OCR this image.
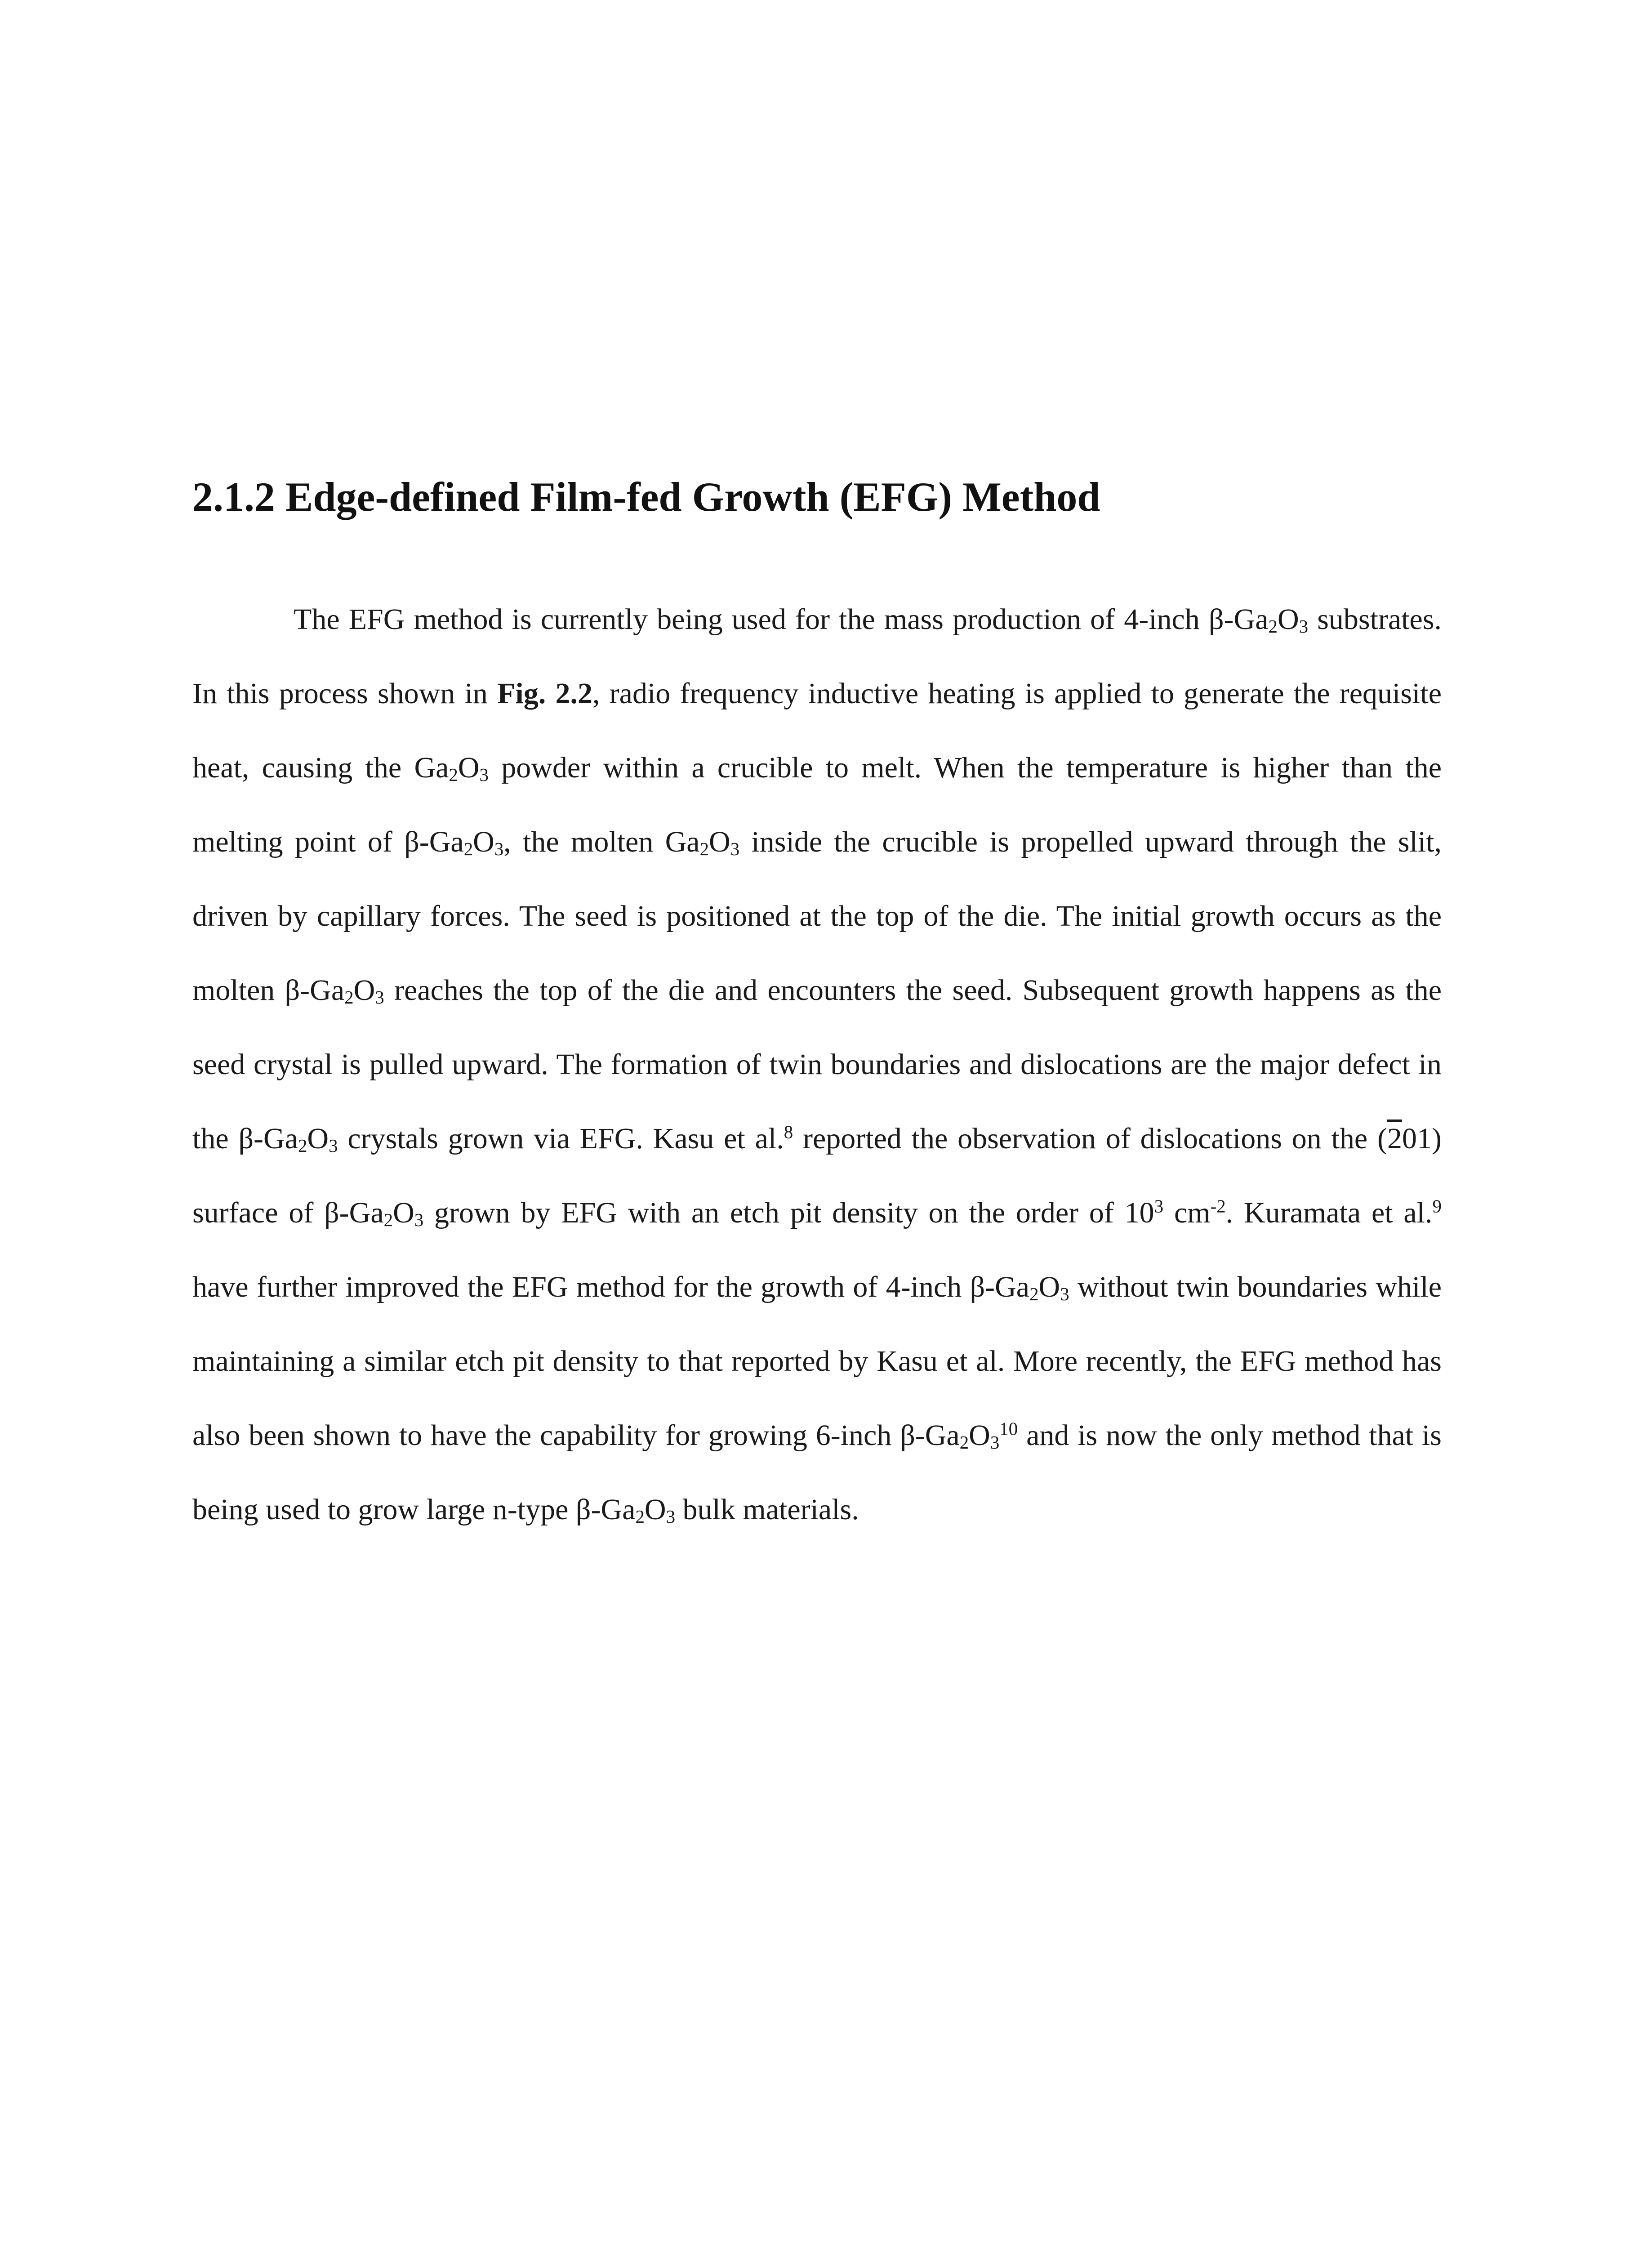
2.1.2 Edge-defined Film-fed Growth (EFG) Method

The EFG method is currently being used for the mass production of 4-inch $\beta-Ga_2O_3$ substrates. In this process shown in Fig. 2.2, radio frequency inductive heating is applied to generate the requisite heat, causing the $Ga_2O_3$ powder within a crucible to melt. When the temperature is higher than the melting point of $\beta-Ga_2O_3$, the molten $Ga_2O_3$ inside the crucible is propelled upward through the slit, driven by capillary forces. The seed is positioned at the top of the die. The initial growth occurs as the molten $\beta-Ga_2O_3$ reaches the top of the die and encounters the seed. Subsequent growth happens as the seed crystal is pulled upward. The formation of twin boundaries and dislocations are the major defect in the $\beta-Ga_2O_3$ crystals grown via EFG. Kasu et al.$^8$ reported the observation of dislocations on the (201) surface of $\beta-Ga_2O_3$ grown by EFG with an etch pit density on the order of $10^3$ $cm^{-2}$. Kuramata et al.$^9$ have further improved the EFG method for the growth of 4-inch $\beta-Ga_2O_3$ without twin boundaries while maintaining a similar etch pit density to that reported by Kasu et al. More recently, the EFG method has also been shown to have the capability for growing 6-inch $\beta-Ga_2O_3^{10}$ and is now the only method that is being used to grow large n-type $\beta-Ga_2O_3$ bulk materials.
